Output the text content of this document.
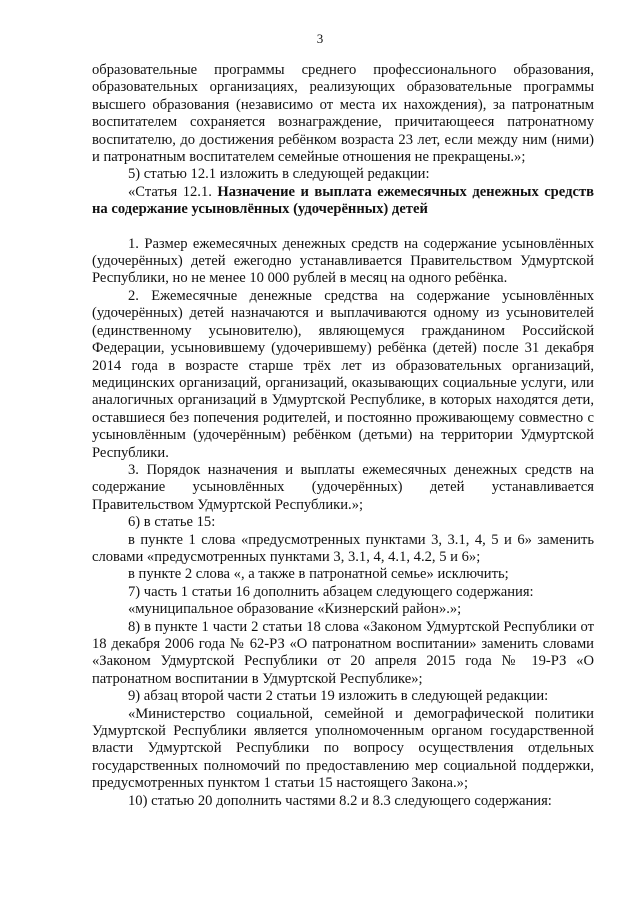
3

образовательные программы среднего профессионального образования, образовательных организациях, реализующих образовательные программы высшего образования (независимо от места их нахождения), за патронатным воспитателем сохраняется вознаграждение, причитающееся патронатному воспитателю, до достижения ребёнком возраста 23 лет, если между ним (ними) и патронатным воспитателем семейные отношения не прекращены.»;

5) статью 12.1 изложить в следующей редакции:

«Статья 12.1. Назначение и выплата ежемесячных денежных средств на содержание усыновлённых (удочерённых) детей

1. Размер ежемесячных денежных средств на содержание усыновлённых (удочерённых) детей ежегодно устанавливается Правительством Удмуртской Республики, но не менее 10 000 рублей в месяц на одного ребёнка.

2. Ежемесячные денежные средства на содержание усыновлённых (удочерённых) детей назначаются и выплачиваются одному из усыновителей (единственному усыновителю), являющемуся гражданином Российской Федерации, усыновившему (удочерившему) ребёнка (детей) после 31 декабря 2014 года в возрасте старше трёх лет из образовательных организаций, медицинских организаций, организаций, оказывающих социальные услуги, или аналогичных организаций в Удмуртской Республике, в которых находятся дети, оставшиеся без попечения родителей, и постоянно проживающему совместно с усыновлённым (удочерённым) ребёнком (детьми) на территории Удмуртской Республики.

3. Порядок назначения и выплаты ежемесячных денежных средств на содержание усыновлённых (удочерённых) детей устанавливается Правительством Удмуртской Республики.»;

6) в статье 15:

в пункте 1 слова «предусмотренных пунктами 3, 3.1, 4, 5 и 6» заменить словами «предусмотренных пунктами 3, 3.1, 4, 4.1, 4.2, 5 и 6»;

в пункте 2 слова «, а также в патронатной семье» исключить;

7) часть 1 статьи 16 дополнить абзацем следующего содержания:

«муниципальное образование «Кизнерский район».»;

8) в пункте 1 части 2 статьи 18 слова «Законом Удмуртской Республики от 18 декабря 2006 года № 62-РЗ «О патронатном воспитании» заменить словами «Законом Удмуртской Республики от 20 апреля 2015 года № 19-РЗ «О патронатном воспитании в Удмуртской Республике»;

9) абзац второй части 2 статьи 19 изложить в следующей редакции:

«Министерство социальной, семейной и демографической политики Удмуртской Республики является уполномоченным органом государственной власти Удмуртской Республики по вопросу осуществления отдельных государственных полномочий по предоставлению мер социальной поддержки, предусмотренных пунктом 1 статьи 15 настоящего Закона.»;

10) статью 20 дополнить частями 8.2 и 8.3 следующего содержания:
